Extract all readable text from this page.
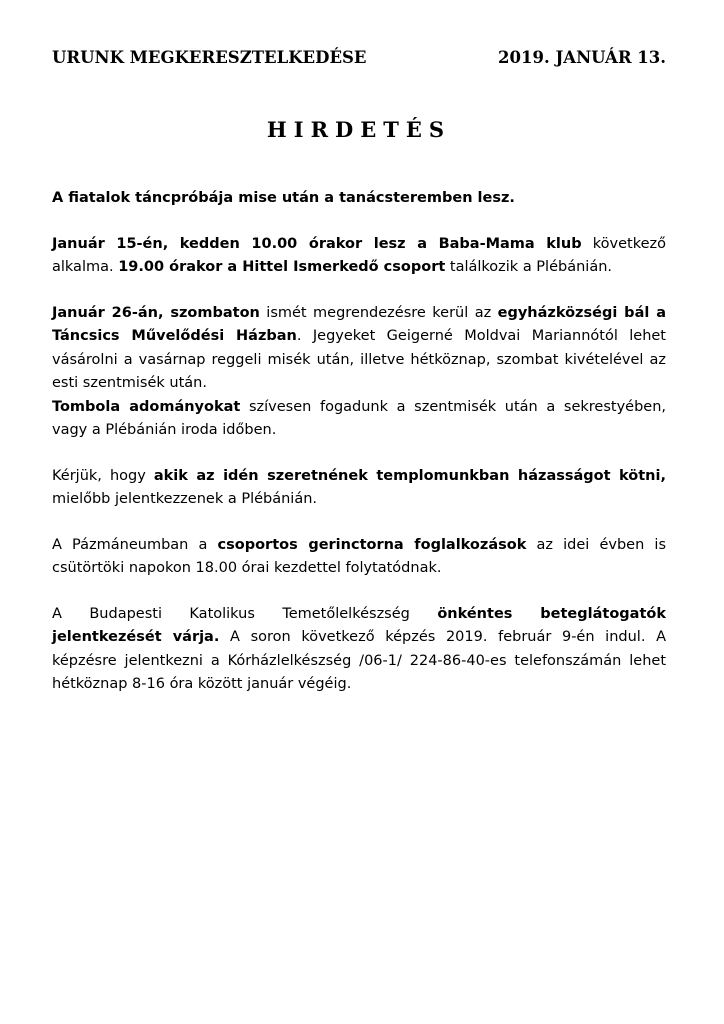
URUNK MEGKERESZTELKEDÉSE	2019. JANUÁR 13.
HIRDETÉS

A fiatalok táncpróbája mise után a tanácsteremben lesz.

Január 15-én, kedden 10.00 órakor lesz a Baba-Mama klub következő alkalma. 19.00 órakor a Hittel Ismerkedő csoport találkozik a Plébánián.

Január 26-án, szombaton ismét megrendezésre kerül az egyházközségi bál a Táncsics Művelődési Házban. Jegyeket Geigerné Moldvai Mariannótól lehet vásárolni a vasárnap reggeli misék után, illetve hétköznap, szombat kivételével az esti szentmisék után.

Tombola adományokat szívesen fogadunk a szentmisék után a sekrestyében, vagy a Plébánián iroda időben.

Kérjük, hogy akik az idén szeretnének templomunkban házasságot kötni, mielőbb jelentkezzenek a Plébánián.

A Pázmáneumban a csoportos gerinctorna foglalkozások az idei évben is csütörtöki napokon 18.00 órai kezdettel folytatódnak.

A Budapesti Katolikus Temetőlelkészség önkéntes beteglátogatók jelentkezését várja. A soron következő képzés 2019. február 9-én indul. A képzésre jelentkezni a Kórházlelkészség /06-1/ 224-86-40-es telefonszámán lehet hétköznap 8-16 óra között január végéig.
